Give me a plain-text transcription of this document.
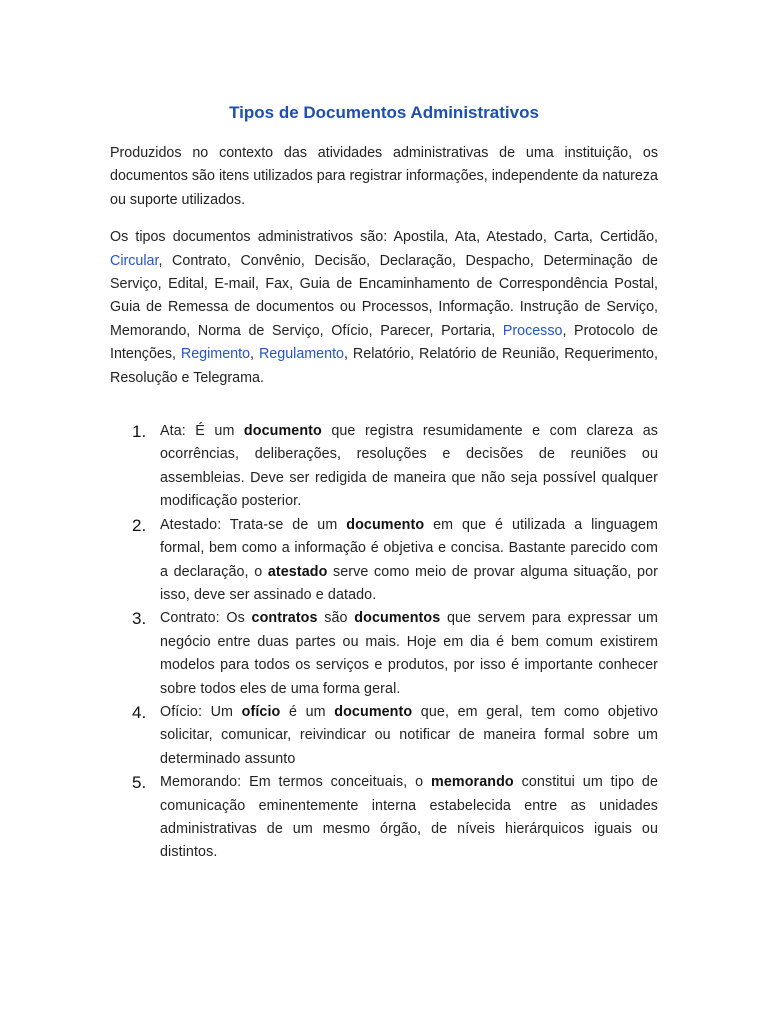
Tipos de Documentos Administrativos

Produzidos no contexto das atividades administrativas de uma instituição, os documentos são itens utilizados para registrar informações, independente da natureza ou suporte utilizados.

Os tipos documentos administrativos são: Apostila, Ata, Atestado, Carta, Certidão, Circular, Contrato, Convênio, Decisão, Declaração, Despacho, Determinação de Serviço, Edital, E-mail, Fax, Guia de Encaminhamento de Correspondência Postal, Guia de Remessa de documentos ou Processos, Informação. Instrução de Serviço, Memorando, Norma de Serviço, Ofício, Parecer, Portaria, Processo, Protocolo de Intenções, Regimento, Regulamento, Relatório, Relatório de Reunião, Requerimento, Resolução e Telegrama.

1. Ata: É um documento que registra resumidamente e com clareza as ocorrências, deliberações, resoluções e decisões de reuniões ou assembleias. Deve ser redigida de maneira que não seja possível qualquer modificação posterior.
2. Atestado: Trata-se de um documento em que é utilizada a linguagem formal, bem como a informação é objetiva e concisa. Bastante parecido com a declaração, o atestado serve como meio de provar alguma situação, por isso, deve ser assinado e datado.
3. Contrato: Os contratos são documentos que servem para expressar um negócio entre duas partes ou mais. Hoje em dia é bem comum existirem modelos para todos os serviços e produtos, por isso é importante conhecer sobre todos eles de uma forma geral.
4. Ofício: Um ofício é um documento que, em geral, tem como objetivo solicitar, comunicar, reivindicar ou notificar de maneira formal sobre um determinado assunto
5. Memorando: Em termos conceituais, o memorando constitui um tipo de comunicação eminentemente interna estabelecida entre as unidades administrativas de um mesmo órgão, de níveis hierárquicos iguais ou distintos.
